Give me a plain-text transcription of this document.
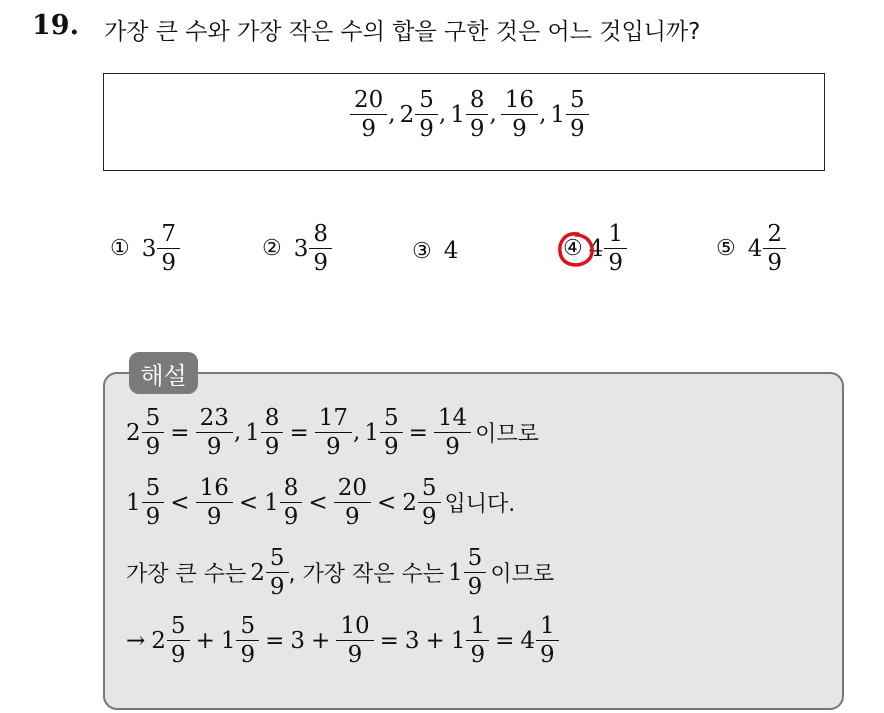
19. 가장 큰 수와 가장 작은 수의 합을 구한 것은 어느 것입니까?
$\frac{20}{9}$ , $2 \frac{5}{9}$ , $1 \frac{8}{9}$ , $\frac{16}{9}$ , $1 \frac{5}{9}$
① $3 \frac{7}{9}$	② $3 \frac{8}{9}$	③ 4	④ $4 \frac{1}{9}$	⑤ $4 \frac{2}{9}$
해설
$2 \frac{5}{9} = \frac{23}{9}$ , $1 \frac{8}{9} = \frac{17}{9}$ , $1 \frac{5}{9} = \frac{14}{9}$ 이므로
$1 \frac{5}{9} < \frac{16}{9} < 1 \frac{8}{9} < \frac{20}{9} < 2 \frac{5}{9}$ 입니다.
가장 큰 수는 $2 \frac{5}{9}$ , 가장 작은 수는 $1 \frac{5}{9}$ 이므로
→ $2 \frac{5}{9} + 1 \frac{5}{9} = 3 + \frac{10}{9} = 3 + 1 \frac{1}{9} = 4 \frac{1}{9}$
